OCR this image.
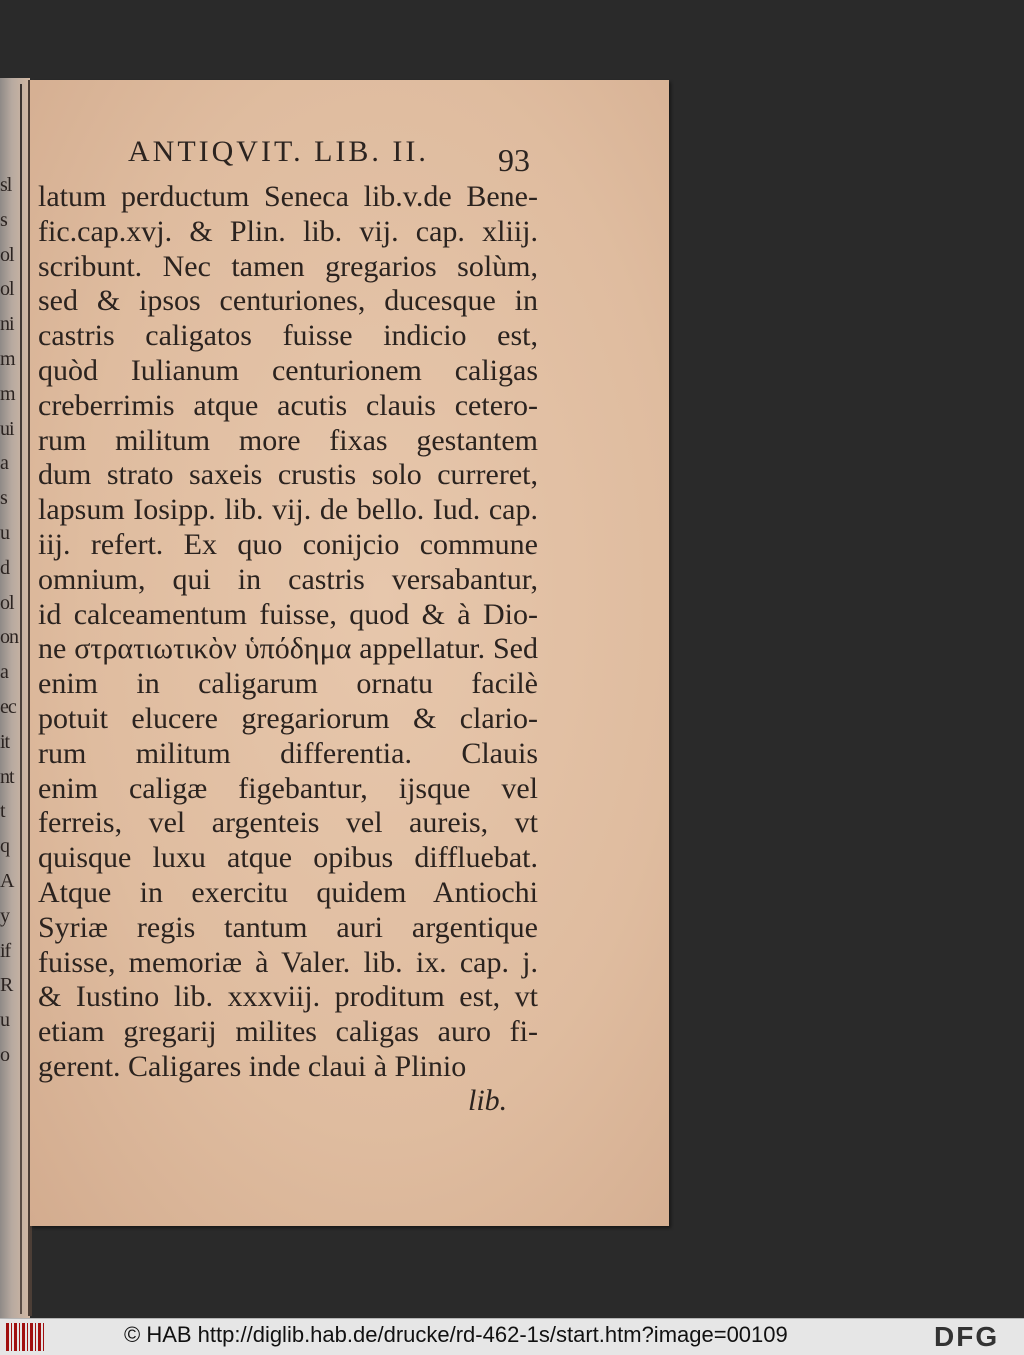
sl
s
ol
ol
ni
m
m
ui
a
s
u
d
ol
on
a
ec
it
nt
t
q
A
y
if
R
u
o
ANTIQVIT. LIB. II.	93
latum perductum Seneca lib.v.de Bene-
fic.cap.xvj. & Plin. lib. vij. cap. xliij.
scribunt. Nec tamen gregarios solùm,
sed & ipsos centuriones, ducesque in
castris caligatos fuisse indicio est,
quòd Iulianum centurionem caligas
creberrimis atque acutis clauis cetero-
rum militum more fixas gestantem
dum strato saxeis crustis solo curreret,
lapsum Iosipp. lib. vij. de bello. Iud. cap.
iij. refert. Ex quo conijcio commune
omnium, qui in castris versabantur,
id calceamentum fuisse, quod & à Dio-
ne στρατιωτικὸν ὑπόδημα appellatur. Sed
enim in caligarum ornatu facilè
potuit elucere gregariorum & clario-
rum militum differentia. Clauis
enim caligæ figebantur, ijsque vel
ferreis, vel argenteis vel aureis, vt
quisque luxu atque opibus diffluebat.
Atque in exercitu quidem Antiochi
Syriæ regis tantum auri argentique
fuisse, memoriæ à Valer. lib. ix. cap. j.
& Iustino lib. xxxviij. proditum est, vt
etiam gregarij milites caligas auro fi-
gerent. Caligares inde claui à Plinio
lib.
© HAB http://diglib.hab.de/drucke/rd-462-1s/start.htm?image=00109	DFG
